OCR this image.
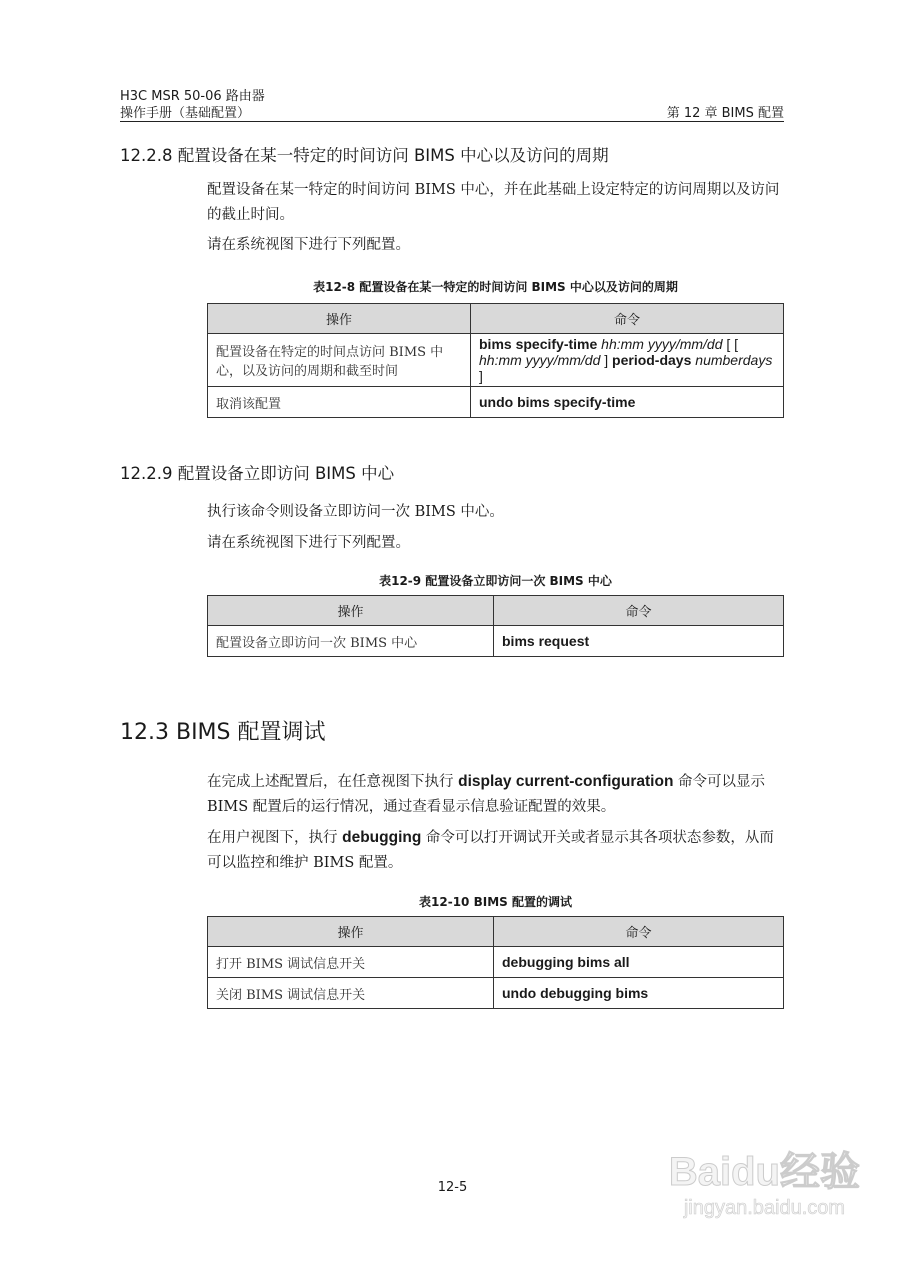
H3C MSR 50-06 路由器
操作手册（基础配置）	第 12 章 BIMS 配置
12.2.8 配置设备在某一特定的时间访问 BIMS 中心以及访问的周期
配置设备在某一特定的时间访问 BIMS 中心，并在此基础上设定特定的访问周期以及访问的截止时间。
请在系统视图下进行下列配置。
表12-8 配置设备在某一特定的时间访问 BIMS 中心以及访问的周期
操作	命令
配置设备在特定的时间点访问 BIMS 中心，以及访问的周期和截至时间	bims specify-time hh:mm yyyy/mm/dd [ [ hh:mm yyyy/mm/dd ] period-days numberdays ]
取消该配置	undo bims specify-time
12.2.9 配置设备立即访问 BIMS 中心
执行该命令则设备立即访问一次 BIMS 中心。
请在系统视图下进行下列配置。
表12-9 配置设备立即访问一次 BIMS 中心
操作	命令
配置设备立即访问一次 BIMS 中心	bims request
12.3 BIMS 配置调试
在完成上述配置后，在任意视图下执行 display current-configuration 命令可以显示 BIMS 配置后的运行情况，通过查看显示信息验证配置的效果。
在用户视图下，执行 debugging 命令可以打开调试开关或者显示其各项状态参数，从而可以监控和维护 BIMS 配置。
表12-10 BIMS 配置的调试
操作	命令
打开 BIMS 调试信息开关	debugging bims all
关闭 BIMS 调试信息开关	undo debugging bims
12-5	Baidu经验
jingyan.baidu.com
